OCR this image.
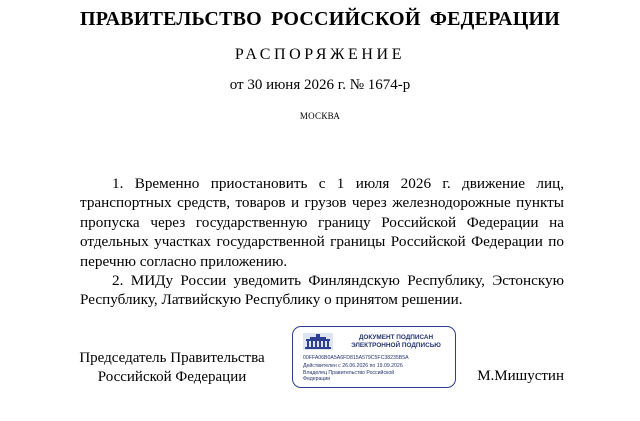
ПРАВИТЕЛЬСТВО РОССИЙСКОЙ ФЕДЕРАЦИИ
РАСПОРЯЖЕНИЕ
от 30 июня 2026 г. № 1674-р
МОСКВА

1. Временно приостановить с 1 июля 2026 г. движение лиц, транспортных средств, товаров и грузов через железнодорожные пункты пропуска через государственную границу Российской Федерации на отдельных участках государственной границы Российской Федерации по перечню согласно приложению.

2. МИДу России уведомить Финляндскую Республику, Эстонскую Республику, Латвийскую Республику о принятом решении.

Председатель Правительства
Российской Федерации
ДОКУМЕНТ ПОДПИСАН
ЭЛЕКТРОННОЙ ПОДПИСЬЮ
00FFA06B0A5A6FD815A579C5FC38235B5A
Действителен с 26.06.2026 по 19.09.2026
Владелец Правительство Российской
Федерации	М.Мишустин
